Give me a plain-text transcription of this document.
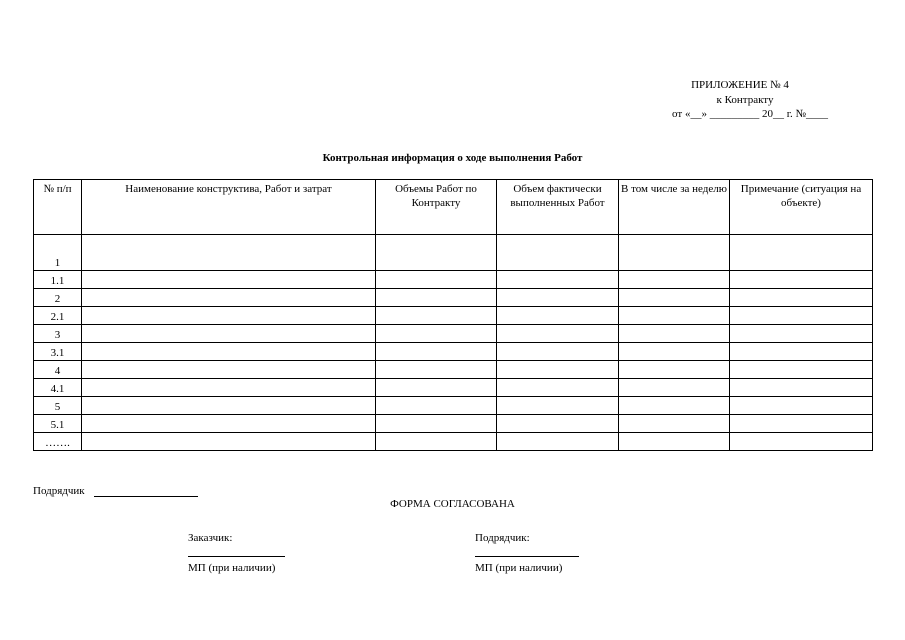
ПРИЛОЖЕНИЕ № 4
к Контракту
от «__» _________ 20__ г. №____
Контрольная информация о ходе выполнения Работ
№ п/п	Наименование конструктива, Работ и затрат	Объемы Работ по Контракту	Объем фактически выполненных Работ	В том числе за неделю	Примечание (ситуация на объекте)
1					
1.1					
2					
2.1					
3					
3.1					
4					
4.1					
5					
5.1					
…….					
Подрядчик
ФОРМА СОГЛАСОВАНА
Заказчик:
МП (при наличии)
Подрядчик:
МП (при наличии)
